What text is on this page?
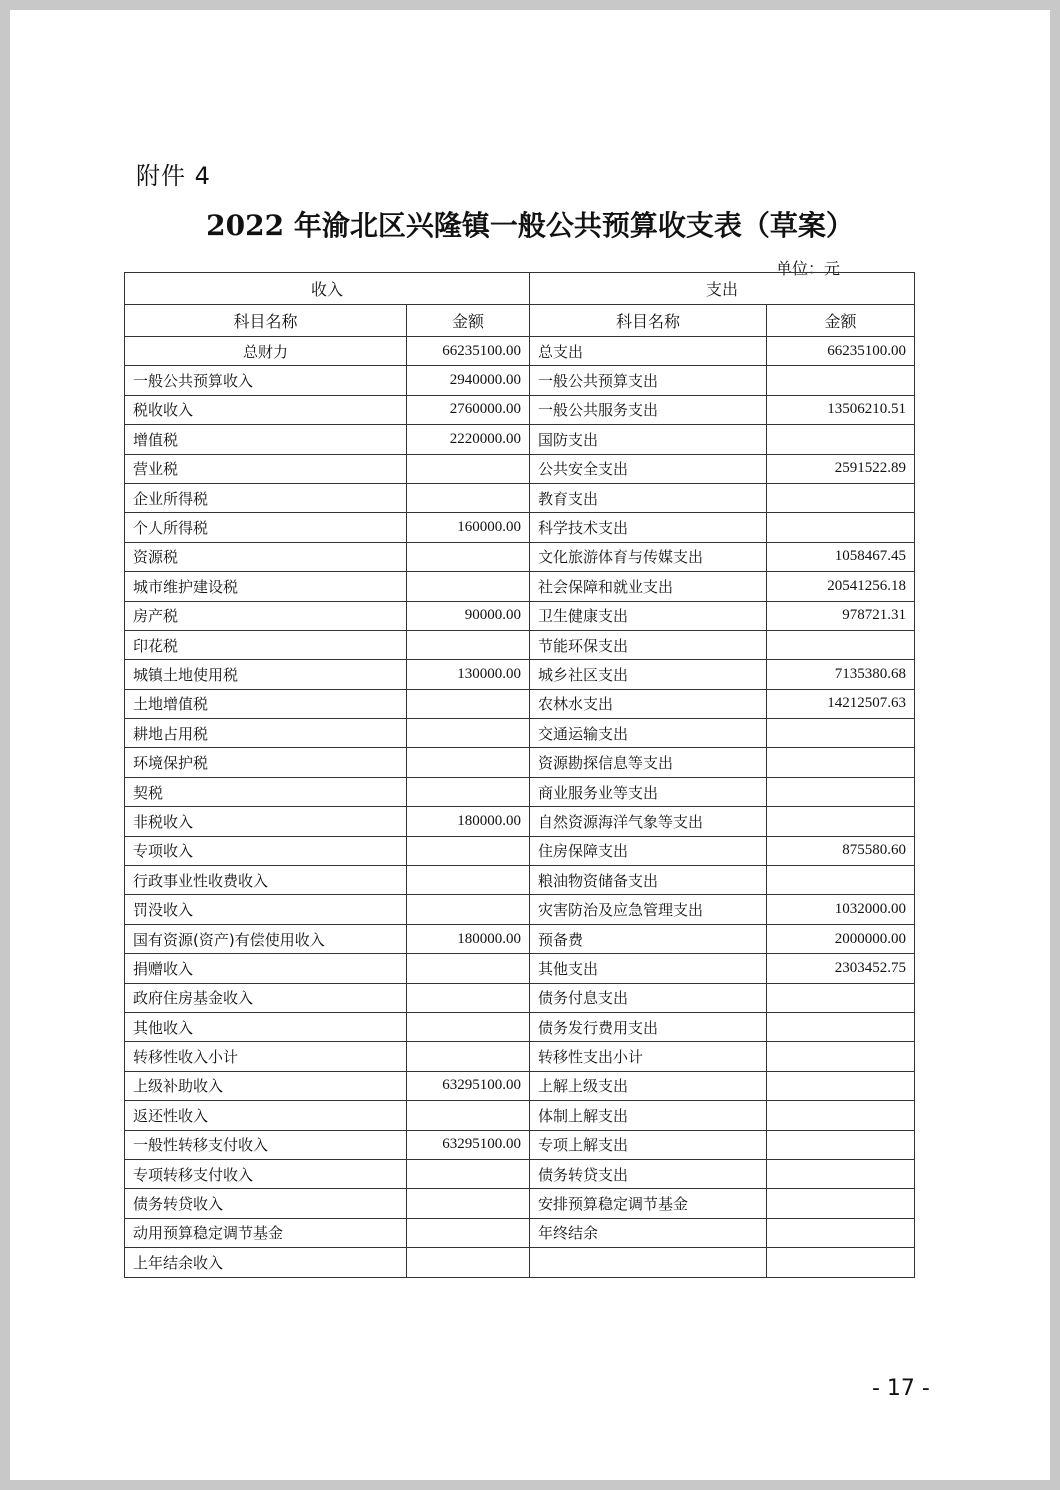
附件 4
2022 年渝北区兴隆镇一般公共预算收支表（草案）
单位：元
收入		支出	
科目名称	金额	科目名称	金额
总财力	66235100.00	总支出	66235100.00
一般公共预算收入	2940000.00	一般公共预算支出	
税收收入	2760000.00	一般公共服务支出	13506210.51
增值税	2220000.00	国防支出	
营业税		公共安全支出	2591522.89
企业所得税		教育支出	
个人所得税	160000.00	科学技术支出	
资源税		文化旅游体育与传媒支出	1058467.45
城市维护建设税		社会保障和就业支出	20541256.18
房产税	90000.00	卫生健康支出	978721.31
印花税		节能环保支出	
城镇土地使用税	130000.00	城乡社区支出	7135380.68
土地增值税		农林水支出	14212507.63
耕地占用税		交通运输支出	
环境保护税		资源勘探信息等支出	
契税		商业服务业等支出	
非税收入	180000.00	自然资源海洋气象等支出	
专项收入		住房保障支出	875580.60
行政事业性收费收入		粮油物资储备支出	
罚没收入		灾害防治及应急管理支出	1032000.00
国有资源(资产)有偿使用收入	180000.00	预备费	2000000.00
捐赠收入		其他支出	2303452.75
政府住房基金收入		债务付息支出	
其他收入		债务发行费用支出	
转移性收入小计		转移性支出小计	
上级补助收入	63295100.00	上解上级支出	
返还性收入		体制上解支出	
一般性转移支付收入	63295100.00	专项上解支出	
专项转移支付收入		债务转贷支出	
债务转贷收入		安排预算稳定调节基金	
动用预算稳定调节基金		年终结余	
上年结余收入			
- 17 -
